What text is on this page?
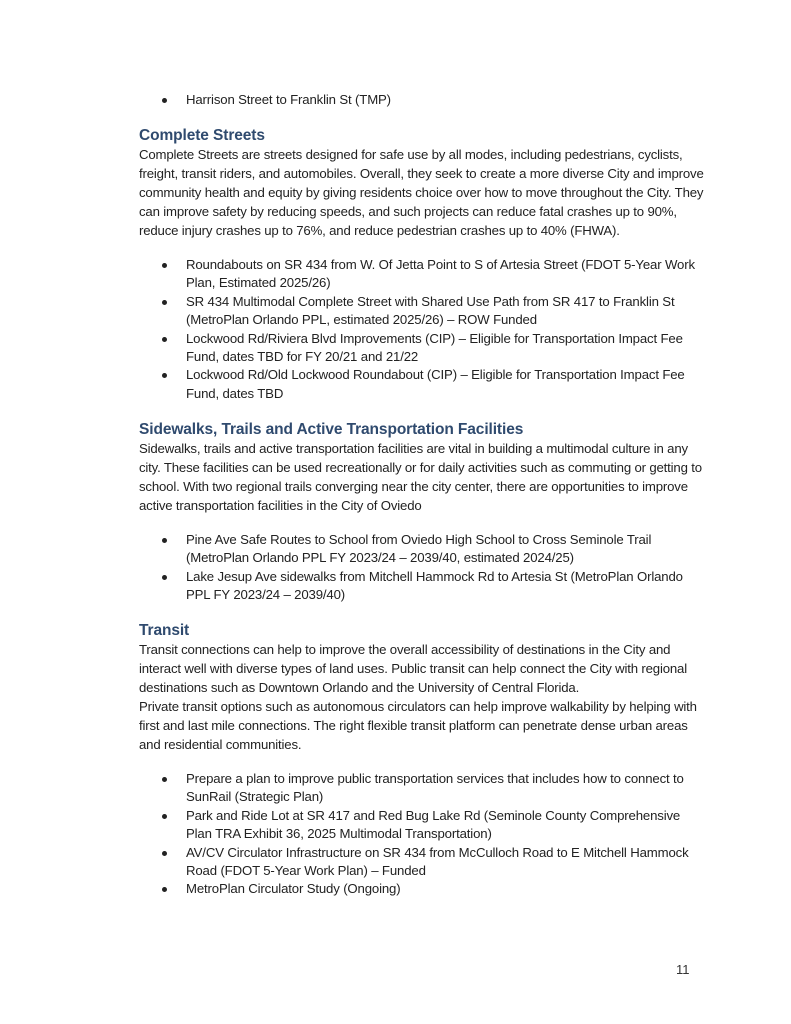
Harrison Street to Franklin St (TMP)
Complete Streets

Complete Streets are streets designed for safe use by all modes, including pedestrians, cyclists, freight, transit riders, and automobiles. Overall, they seek to create a more diverse City and improve community health and equity by giving residents choice over how to move throughout the City. They can improve safety by reducing speeds, and such projects can reduce fatal crashes up to 90%, reduce injury crashes up to 76%, and reduce pedestrian crashes up to 40% (FHWA).

Roundabouts on SR 434 from W. Of Jetta Point to S of Artesia Street (FDOT 5-Year Work Plan, Estimated 2025/26)
SR 434 Multimodal Complete Street with Shared Use Path from SR 417 to Franklin St (MetroPlan Orlando PPL, estimated 2025/26) – ROW Funded
Lockwood Rd/Riviera Blvd Improvements (CIP) – Eligible for Transportation Impact Fee Fund, dates TBD for FY 20/21 and 21/22
Lockwood Rd/Old Lockwood Roundabout (CIP) – Eligible for Transportation Impact Fee Fund, dates TBD
Sidewalks, Trails and Active Transportation Facilities

Sidewalks, trails and active transportation facilities are vital in building a multimodal culture in any city. These facilities can be used recreationally or for daily activities such as commuting or getting to school. With two regional trails converging near the city center, there are opportunities to improve active transportation facilities in the City of Oviedo

Pine Ave Safe Routes to School from Oviedo High School to Cross Seminole Trail (MetroPlan Orlando PPL FY 2023/24 – 2039/40, estimated 2024/25)
Lake Jesup Ave sidewalks from Mitchell Hammock Rd to Artesia St (MetroPlan Orlando PPL FY 2023/24 – 2039/40)
Transit

Transit connections can help to improve the overall accessibility of destinations in the City and interact well with diverse types of land uses. Public transit can help connect the City with regional destinations such as Downtown Orlando and the University of Central Florida.

Private transit options such as autonomous circulators can help improve walkability by helping with first and last mile connections. The right flexible transit platform can penetrate dense urban areas and residential communities.

Prepare a plan to improve public transportation services that includes how to connect to SunRail (Strategic Plan)
Park and Ride Lot at SR 417 and Red Bug Lake Rd (Seminole County Comprehensive Plan TRA Exhibit 36, 2025 Multimodal Transportation)
AV/CV Circulator Infrastructure on SR 434 from McCulloch Road to E Mitchell Hammock Road (FDOT 5-Year Work Plan) – Funded
MetroPlan Circulator Study (Ongoing)
11
